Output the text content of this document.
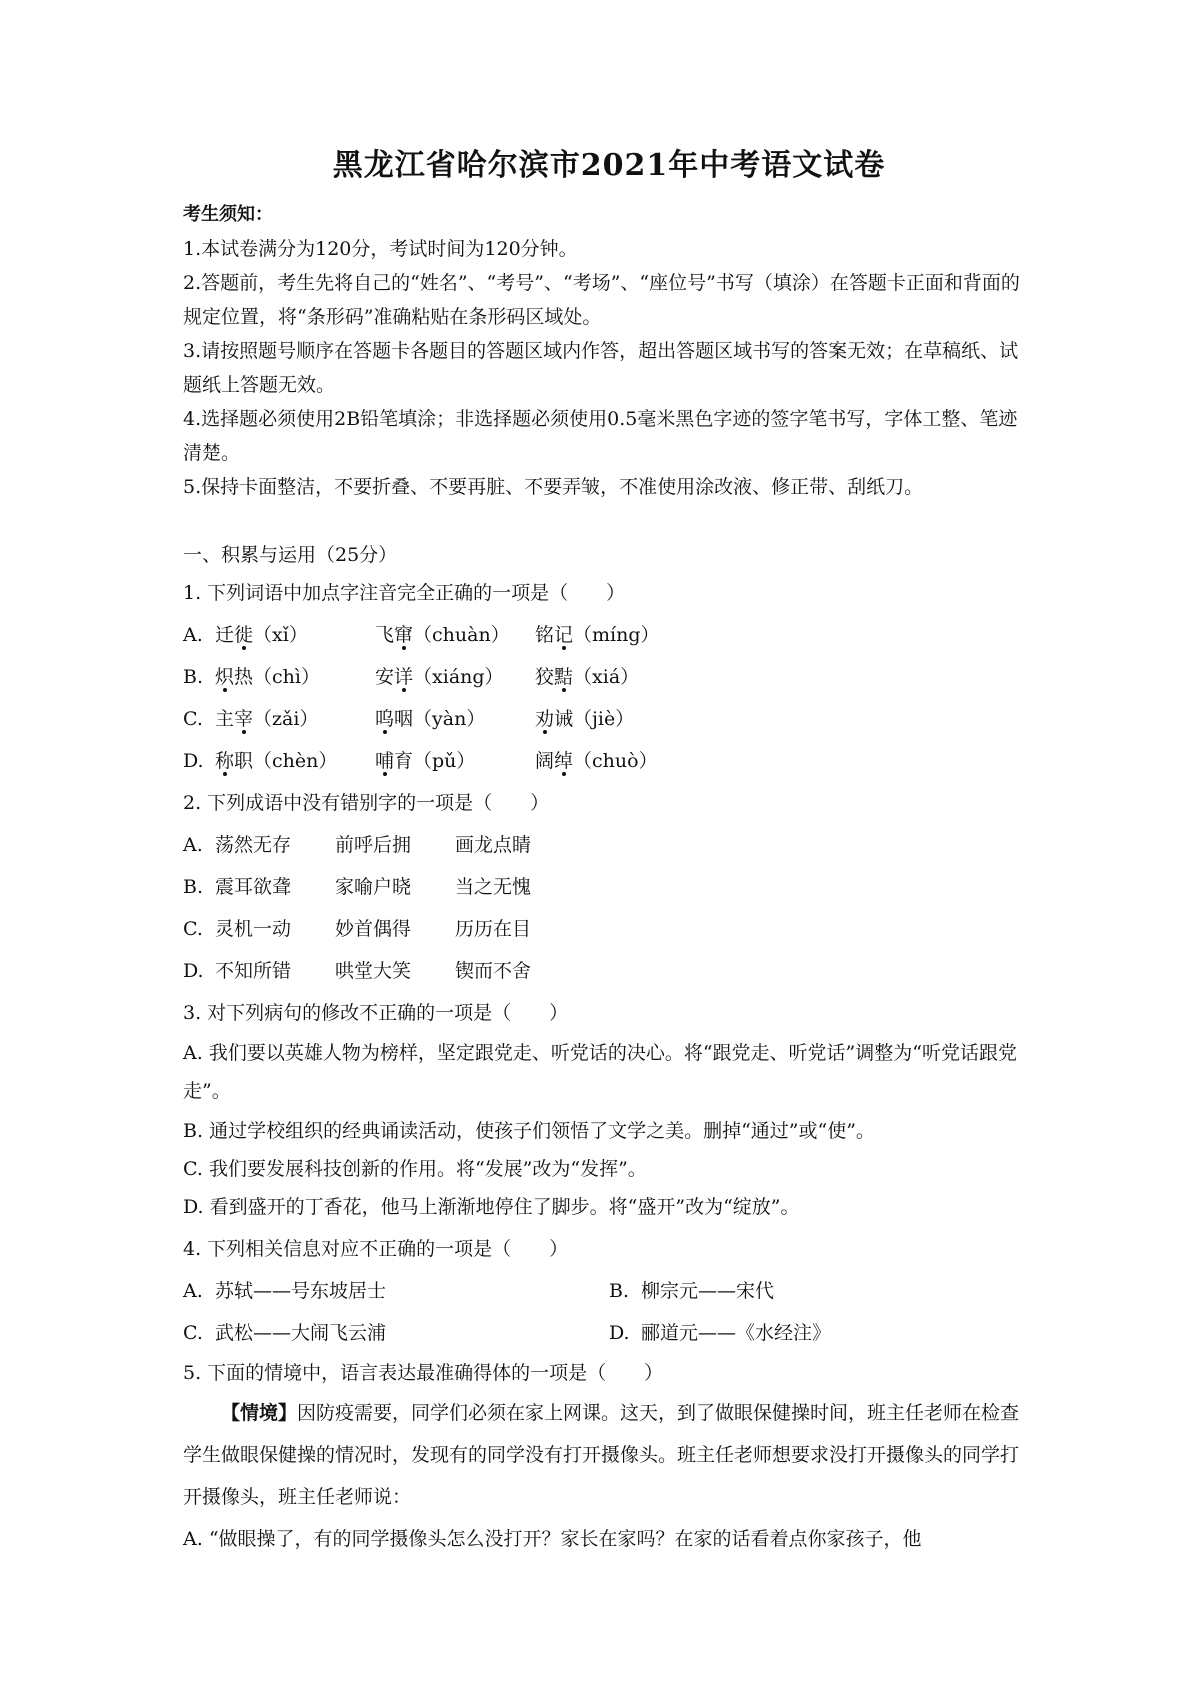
黑龙江省哈尔滨市2021年中考语文试卷
考生须知：

1.本试卷满分为120分，考试时间为120分钟。

2.答题前，考生先将自己的“姓名”、“考号”、“考场”、“座位号”书写（填涂）在答题卡正面和背面的规定位置，将“条形码”准确粘贴在条形码区域处。

3.请按照题号顺序在答题卡各题目的答题区域内作答，超出答题区域书写的答案无效；在草稿纸、试题纸上答题无效。

4.选择题必须使用2B铅笔填涂；非选择题必须使用0.5毫米黑色字迹的签字笔书写，字体工整、笔迹清楚。

5.保持卡面整洁，不要折叠、不要再脏、不要弄皱，不准使用涂改液、修正带、刮纸刀。

一、积累与运用（25分）

1. 下列词语中加点字注音完全正确的一项是（　　）

A. 迁徙（xǐ）	飞窜（chuàn）	铭记（míng）
B. 炽热（chì）	安详（xiáng）	狡黠（xiá）
C. 主宰（zǎi）	呜咽（yàn）	劝诫（jiè）
D. 称职（chèn）	哺育（pǔ）	阔绰（chuò）

2. 下列成语中没有错别字的一项是（　　）

A. 荡然无存	前呼后拥	画龙点睛
B. 震耳欲聋	家喻户晓	当之无愧
C. 灵机一动	妙首偶得	历历在目
D. 不知所错	哄堂大笑	锲而不舍

3. 对下列病句的修改不正确的一项是（　　）

A. 我们要以英雄人物为榜样，坚定跟党走、听党话的决心。将“跟党走、听党话”调整为“听党话跟党走”。

B. 通过学校组织的经典诵读活动，使孩子们领悟了文学之美。删掉“通过”或“使”。

C. 我们要发展科技创新的作用。将“发展”改为“发挥”。

D. 看到盛开的丁香花，他马上渐渐地停住了脚步。将“盛开”改为“绽放”。

4. 下列相关信息对应不正确的一项是（　　）

A. 苏轼——号东坡居士	B. 柳宗元——宋代
C. 武松——大闹飞云浦	D. 郦道元——《水经注》

5. 下面的情境中，语言表达最准确得体的一项是（　　）

【情境】因防疫需要，同学们必须在家上网课。这天，到了做眼保健操时间，班主任老师在检查学生做眼保健操的情况时，发现有的同学没有打开摄像头。班主任老师想要求没打开摄像头的同学打开摄像头，班主任老师说：

A. “做眼操了，有的同学摄像头怎么没打开？家长在家吗？在家的话看着点你家孩子，他
